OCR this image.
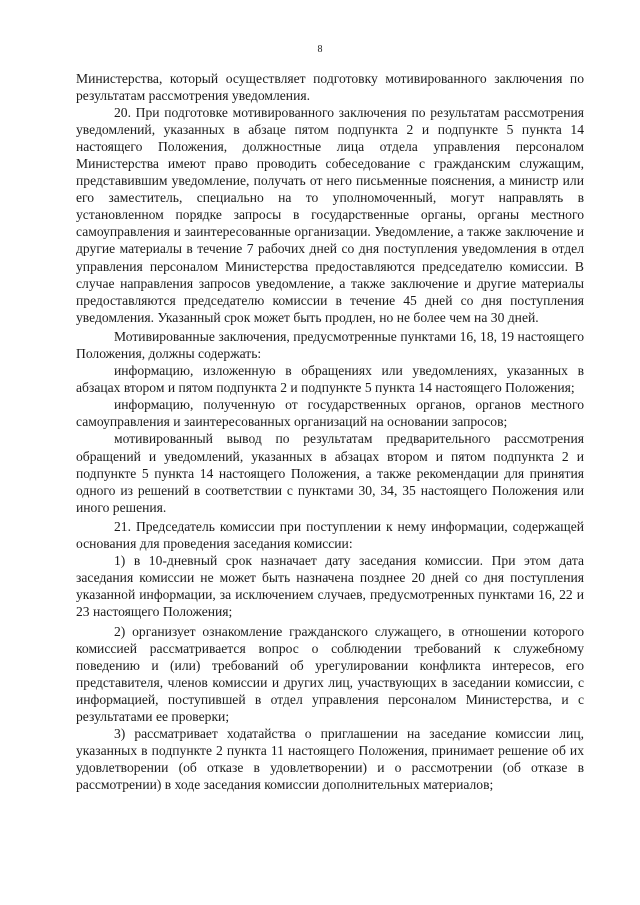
8

Министерства, который осуществляет подготовку мотивированного заключения по результатам рассмотрения уведомления.

20. При подготовке мотивированного заключения по результатам рассмотрения уведомлений, указанных в абзаце пятом подпункта 2 и подпункте 5 пункта 14 настоящего Положения, должностные лица отдела управления персоналом Министерства имеют право проводить собеседование с гражданским служащим, представившим уведомление, получать от него письменные пояснения, а министр или его заместитель, специально на то уполномоченный, могут направлять в установленном порядке запросы в государственные органы, органы местного самоуправления и заинтересованные организации. Уведомление, а также заключение и другие материалы в течение 7 рабочих дней со дня поступления уведомления в отдел управления персоналом Министерства предоставляются председателю комиссии. В случае направления запросов уведомление, а также заключение и другие материалы предоставляются председателю комиссии в течение 45 дней со дня поступления уведомления. Указанный срок может быть продлен, но не более чем на 30 дней.

Мотивированные заключения, предусмотренные пунктами 16, 18, 19 настоящего Положения, должны содержать:

информацию, изложенную в обращениях или уведомлениях, указанных в абзацах втором и пятом подпункта 2 и подпункте 5 пункта 14 настоящего Положения;

информацию, полученную от государственных органов, органов местного самоуправления и заинтересованных организаций на основании запросов;

мотивированный вывод по результатам предварительного рассмотрения обращений и уведомлений, указанных в абзацах втором и пятом подпункта 2 и подпункте 5 пункта 14 настоящего Положения, а также рекомендации для принятия одного из решений в соответствии с пунктами 30, 34, 35 настоящего Положения или иного решения.

21. Председатель комиссии при поступлении к нему информации, содержащей основания для проведения заседания комиссии:

1) в 10-дневный срок назначает дату заседания комиссии. При этом дата заседания комиссии не может быть назначена позднее 20 дней со дня поступления указанной информации, за исключением случаев, предусмотренных пунктами 16, 22 и 23 настоящего Положения;

2) организует ознакомление гражданского служащего, в отношении которого комиссией рассматривается вопрос о соблюдении требований к служебному поведению и (или) требований об урегулировании конфликта интересов, его представителя, членов комиссии и других лиц, участвующих в заседании комиссии, с информацией, поступившей в отдел управления персоналом Министерства, и с результатами ее проверки;

3) рассматривает ходатайства о приглашении на заседание комиссии лиц, указанных в подпункте 2 пункта 11 настоящего Положения, принимает решение об их удовлетворении (об отказе в удовлетворении) и о рассмотрении (об отказе в рассмотрении) в ходе заседания комиссии дополнительных материалов;
